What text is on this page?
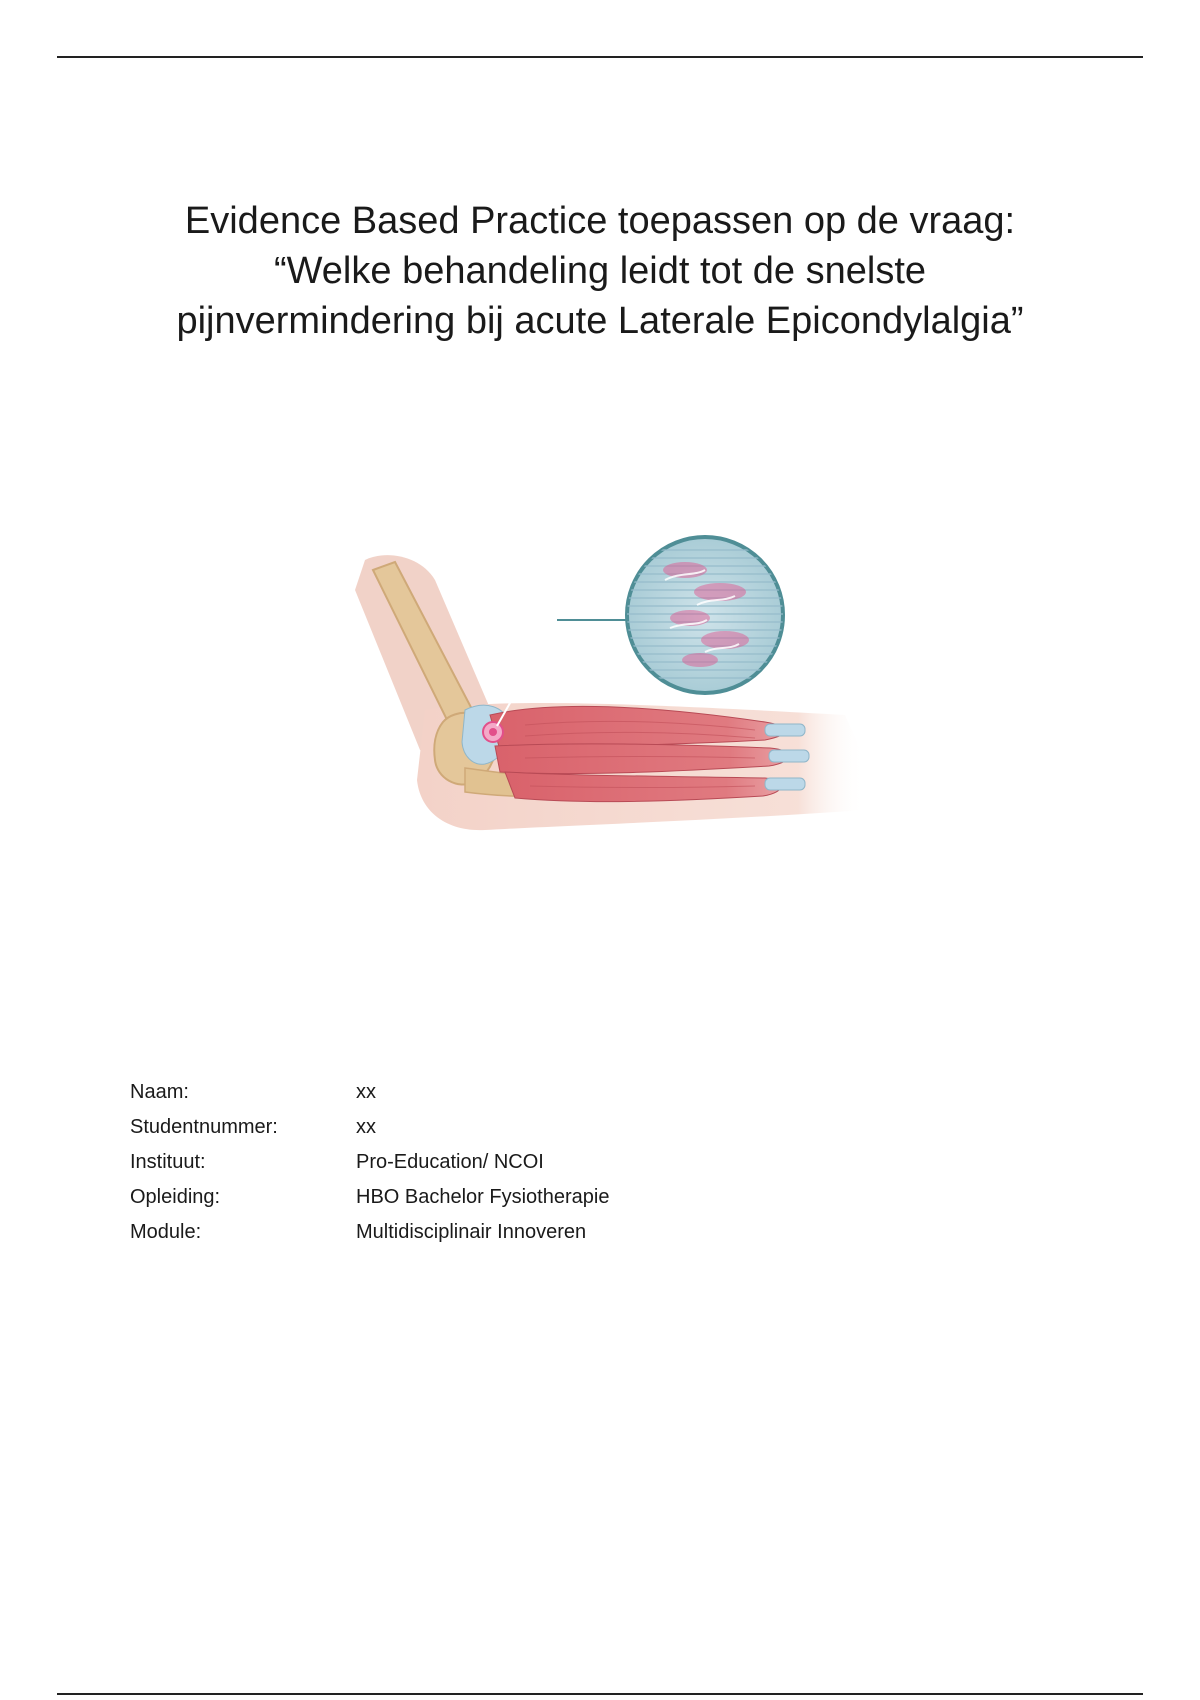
Evidence Based Practice toepassen op de vraag:
“Welke behandeling leidt tot de snelste
pijnvermindering bij acute Laterale Epicondylalgia”
Naam:	xx
Studentnummer:	xx
Instituut:	Pro-Education/ NCOI
Opleiding:	HBO Bachelor Fysiotherapie
Module:	Multidisciplinair Innoveren
